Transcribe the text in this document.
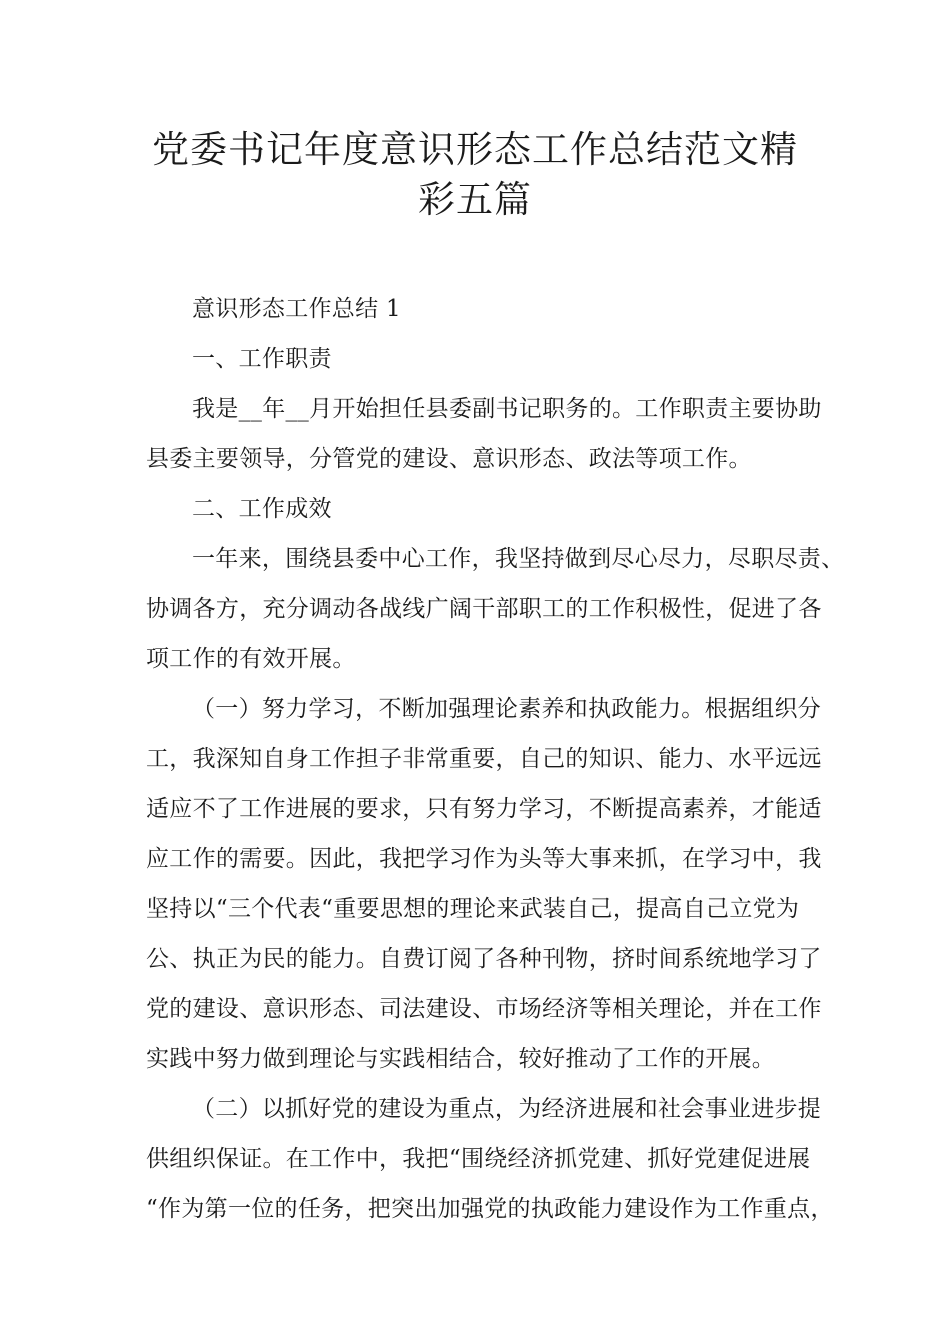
党委书记年度意识形态工作总结范文精
彩五篇

意识形态工作总结 1

一、工作职责

我是__年__月开始担任县委副书记职务的。工作职责主要协助
县委主要领导，分管党的建设、意识形态、政法等项工作。

二、工作成效

一年来，围绕县委中心工作，我坚持做到尽心尽力，尽职尽责、
协调各方，充分调动各战线广阔干部职工的工作积极性，促进了各
项工作的有效开展。

（一）努力学习，不断加强理论素养和执政能力。根据组织分
工，我深知自身工作担子非常重要，自己的知识、能力、水平远远
适应不了工作进展的要求，只有努力学习，不断提高素养，才能适
应工作的需要。因此，我把学习作为头等大事来抓，在学习中，我
坚持以“三个代表“重要思想的理论来武装自己，提高自己立党为
公、执正为民的能力。自费订阅了各种刊物，挤时间系统地学习了
党的建设、意识形态、司法建设、市场经济等相关理论，并在工作
实践中努力做到理论与实践相结合，较好推动了工作的开展。

（二）以抓好党的建设为重点，为经济进展和社会事业进步提
供组织保证。在工作中，我把“围绕经济抓党建、抓好党建促进展
“作为第一位的任务，把突出加强党的执政能力建设作为工作重点，
